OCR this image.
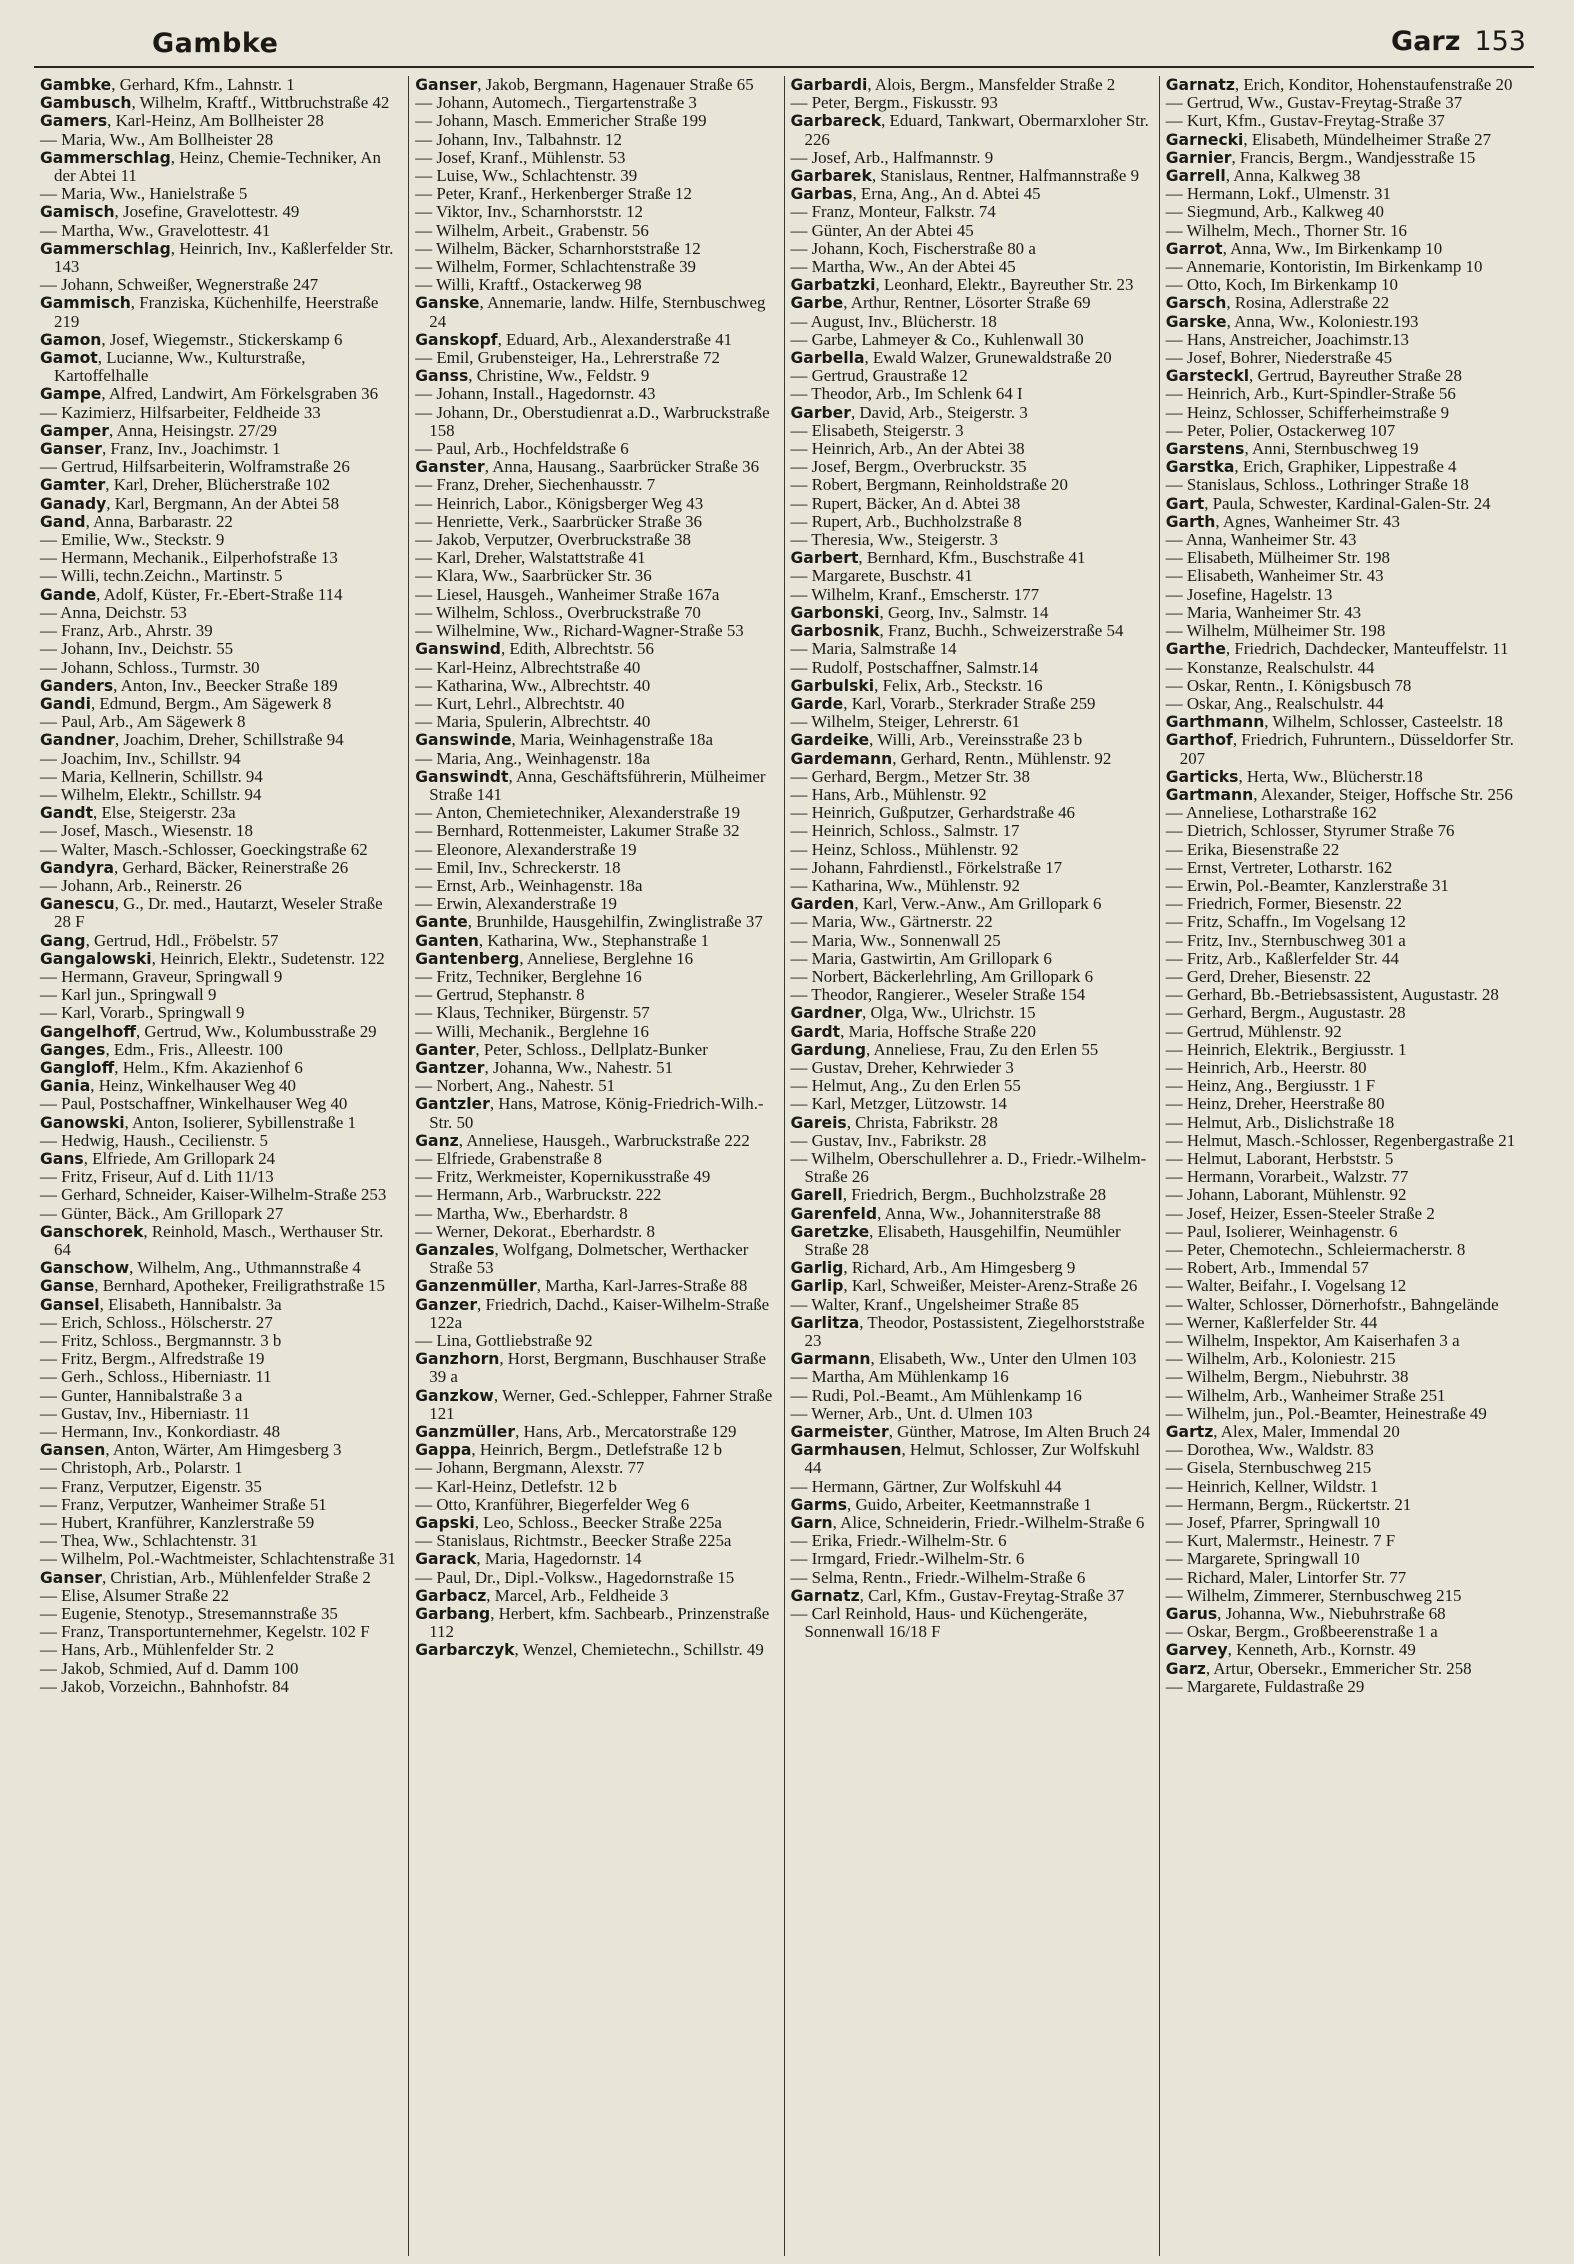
Gambke	Garz 153

Gambke, Gerhard, Kfm., Lahnstr. 1

Gambusch, Wilhelm, Kraftf., Wittbruchstraße 42

Gamers, Karl-Heinz, Am Bollheister 28

— Maria, Ww., Am Bollheister 28

Gammerschlag, Heinz, Chemie-Techniker, An der Abtei 11

— Maria, Ww., Hanielstraße 5

Gamisch, Josefine, Gravelottestr. 49

— Martha, Ww., Gravelottestr. 41

Gammerschlag, Heinrich, Inv., Kaßlerfelder Str. 143

— Johann, Schweißer, Wegnerstraße 247

Gammisch, Franziska, Küchenhilfe, Heerstraße 219

Gamon, Josef, Wiegemstr., Stickerskamp 6

Gamot, Lucianne, Ww., Kulturstraße, Kartoffelhalle

Gampe, Alfred, Landwirt, Am Förkelsgraben 36

— Kazimierz, Hilfsarbeiter, Feldheide 33

Gamper, Anna, Heisingstr. 27/29

Ganser, Franz, Inv., Joachimstr. 1

— Gertrud, Hilfsarbeiterin, Wolframstraße 26

Gamter, Karl, Dreher, Blücherstraße 102

Ganady, Karl, Bergmann, An der Abtei 58

Gand, Anna, Barbarastr. 22

— Emilie, Ww., Steckstr. 9

— Hermann, Mechanik., Eilperhofstraße 13

— Willi, techn.Zeichn., Martinstr. 5

Gande, Adolf, Küster, Fr.-Ebert-Straße 114

— Anna, Deichstr. 53

— Franz, Arb., Ahrstr. 39

— Johann, Inv., Deichstr. 55

— Johann, Schloss., Turmstr. 30

Ganders, Anton, Inv., Beecker Straße 189

Gandi, Edmund, Bergm., Am Sägewerk 8

— Paul, Arb., Am Sägewerk 8

Gandner, Joachim, Dreher, Schillstraße 94

— Joachim, Inv., Schillstr. 94

— Maria, Kellnerin, Schillstr. 94

— Wilhelm, Elektr., Schillstr. 94

Gandt, Else, Steigerstr. 23a

— Josef, Masch., Wiesenstr. 18

— Walter, Masch.-Schlosser, Goeckingstraße 62

Gandyra, Gerhard, Bäcker, Reinerstraße 26

— Johann, Arb., Reinerstr. 26

Ganescu, G., Dr. med., Hautarzt, Weseler Straße 28 F

Gang, Gertrud, Hdl., Fröbelstr. 57

Gangalowski, Heinrich, Elektr., Sudetenstr. 122

— Hermann, Graveur, Springwall 9

— Karl jun., Springwall 9

— Karl, Vorarb., Springwall 9

Gangelhoff, Gertrud, Ww., Kolumbusstraße 29

Ganges, Edm., Fris., Alleestr. 100

Gangloff, Helm., Kfm. Akazienhof 6

Gania, Heinz, Winkelhauser Weg 40

— Paul, Postschaffner, Winkelhauser Weg 40

Ganowski, Anton, Isolierer, Sybillenstraße 1

— Hedwig, Haush., Cecilienstr. 5

Gans, Elfriede, Am Grillopark 24

— Fritz, Friseur, Auf d. Lith 11/13

— Gerhard, Schneider, Kaiser-Wilhelm-Straße 253

— Günter, Bäck., Am Grillopark 27

Ganschorek, Reinhold, Masch., Werthauser Str. 64

Ganschow, Wilhelm, Ang., Uthmannstraße 4

Ganse, Bernhard, Apotheker, Freiligrathstraße 15

Gansel, Elisabeth, Hannibalstr. 3a

— Erich, Schloss., Hölscherstr. 27

— Fritz, Schloss., Bergmannstr. 3 b

— Fritz, Bergm., Alfredstraße 19

— Gerh., Schloss., Hiberniastr. 11

— Gunter, Hannibalstraße 3 a

— Gustav, Inv., Hiberniastr. 11

— Hermann, Inv., Konkordiastr. 48

Gansen, Anton, Wärter, Am Himgesberg 3

— Christoph, Arb., Polarstr. 1

— Franz, Verputzer, Eigenstr. 35

— Franz, Verputzer, Wanheimer Straße 51

— Hubert, Kranführer, Kanzlerstraße 59

— Thea, Ww., Schlachtenstr. 31

— Wilhelm, Pol.-Wachtmeister, Schlachtenstraße 31

Ganser, Christian, Arb., Mühlenfelder Straße 2

— Elise, Alsumer Straße 22

— Eugenie, Stenotyp., Stresemannstraße 35

— Franz, Transportunternehmer, Kegelstr. 102 F

— Hans, Arb., Mühlenfelder Str. 2

— Jakob, Schmied, Auf d. Damm 100

— Jakob, Vorzeichn., Bahnhofstr. 84

Ganser, Jakob, Bergmann, Hagenauer Straße 65

— Johann, Automech., Tiergartenstraße 3

— Johann, Masch. Emmericher Straße 199

— Johann, Inv., Talbahnstr. 12

— Josef, Kranf., Mühlenstr. 53

— Luise, Ww., Schlachtenstr. 39

— Peter, Kranf., Herkenberger Straße 12

— Viktor, Inv., Scharnhorststr. 12

— Wilhelm, Arbeit., Grabenstr. 56

— Wilhelm, Bäcker, Scharnhorststraße 12

— Wilhelm, Former, Schlachtenstraße 39

— Willi, Kraftf., Ostackerweg 98

Ganske, Annemarie, landw. Hilfe, Sternbuschweg 24

Ganskopf, Eduard, Arb., Alexanderstraße 41

— Emil, Grubensteiger, Ha., Lehrerstraße 72

Ganss, Christine, Ww., Feldstr. 9

— Johann, Install., Hagedornstr. 43

— Johann, Dr., Oberstudienrat a.D., Warbruckstraße 158

— Paul, Arb., Hochfeldstraße 6

Ganster, Anna, Hausang., Saarbrücker Straße 36

— Franz, Dreher, Siechenhausstr. 7

— Heinrich, Labor., Königsberger Weg 43

— Henriette, Verk., Saarbrücker Straße 36

— Jakob, Verputzer, Overbruckstraße 38

— Karl, Dreher, Walstattstraße 41

— Klara, Ww., Saarbrücker Str. 36

— Liesel, Hausgeh., Wanheimer Straße 167a

— Wilhelm, Schloss., Overbruckstraße 70

— Wilhelmine, Ww., Richard-Wagner-Straße 53

Ganswind, Edith, Albrechtstr. 56

— Karl-Heinz, Albrechtstraße 40

— Katharina, Ww., Albrechtstr. 40

— Kurt, Lehrl., Albrechtstr. 40

— Maria, Spulerin, Albrechtstr. 40

Ganswinde, Maria, Weinhagenstraße 18a

— Maria, Ang., Weinhagenstr. 18a

Ganswindt, Anna, Geschäftsführerin, Mülheimer Straße 141

— Anton, Chemietechniker, Alexanderstraße 19

— Bernhard, Rottenmeister, Lakumer Straße 32

— Eleonore, Alexanderstraße 19

— Emil, Inv., Schreckerstr. 18

— Ernst, Arb., Weinhagenstr. 18a

— Erwin, Alexanderstraße 19

Gante, Brunhilde, Hausgehilfin, Zwinglistraße 37

Ganten, Katharina, Ww., Stephanstraße 1

Gantenberg, Anneliese, Berglehne 16

— Fritz, Techniker, Berglehne 16

— Gertrud, Stephanstr. 8

— Klaus, Techniker, Bürgenstr. 57

— Willi, Mechanik., Berglehne 16

Ganter, Peter, Schloss., Dellplatz-Bunker

Gantzer, Johanna, Ww., Nahestr. 51

— Norbert, Ang., Nahestr. 51

Gantzler, Hans, Matrose, König-Friedrich-Wilh.-Str. 50

Ganz, Anneliese, Hausgeh., Warbruckstraße 222

— Elfriede, Grabenstraße 8

— Fritz, Werkmeister, Kopernikusstraße 49

— Hermann, Arb., Warbruckstr. 222

— Martha, Ww., Eberhardstr. 8

— Werner, Dekorat., Eberhardstr. 8

Ganzales, Wolfgang, Dolmetscher, Werthacker Straße 53

Ganzenmüller, Martha, Karl-Jarres-Straße 88

Ganzer, Friedrich, Dachd., Kaiser-Wilhelm-Straße 122a

— Lina, Gottliebstraße 92

Ganzhorn, Horst, Bergmann, Buschhauser Straße 39 a

Ganzkow, Werner, Ged.-Schlepper, Fahrner Straße 121

Ganzmüller, Hans, Arb., Mercatorstraße 129

Gappa, Heinrich, Bergm., Detlefstraße 12 b

— Johann, Bergmann, Alexstr. 77

— Karl-Heinz, Detlefstr. 12 b

— Otto, Kranführer, Biegerfelder Weg 6

Gapski, Leo, Schloss., Beecker Straße 225a

— Stanislaus, Richtmstr., Beecker Straße 225a

Garack, Maria, Hagedornstr. 14

— Paul, Dr., Dipl.-Volksw., Hagedornstraße 15

Garbacz, Marcel, Arb., Feldheide 3

Garbang, Herbert, kfm. Sachbearb., Prinzenstraße 112

Garbarczyk, Wenzel, Chemietechn., Schillstr. 49

Garbardi, Alois, Bergm., Mansfelder Straße 2

— Peter, Bergm., Fiskusstr. 93

Garbareck, Eduard, Tankwart, Obermarxloher Str. 226

— Josef, Arb., Halfmannstr. 9

Garbarek, Stanislaus, Rentner, Halfmannstraße 9

Garbas, Erna, Ang., An d. Abtei 45

— Franz, Monteur, Falkstr. 74

— Günter, An der Abtei 45

— Johann, Koch, Fischerstraße 80 a

— Martha, Ww., An der Abtei 45

Garbatzki, Leonhard, Elektr., Bayreuther Str. 23

Garbe, Arthur, Rentner, Lösorter Straße 69

— August, Inv., Blücherstr. 18

— Garbe, Lahmeyer & Co., Kuhlenwall 30

Garbella, Ewald Walzer, Grunewaldstraße 20

— Gertrud, Graustraße 12

— Theodor, Arb., Im Schlenk 64 I

Garber, David, Arb., Steigerstr. 3

— Elisabeth, Steigerstr. 3

— Heinrich, Arb., An der Abtei 38

— Josef, Bergm., Overbruckstr. 35

— Robert, Bergmann, Reinholdstraße 20

— Rupert, Bäcker, An d. Abtei 38

— Rupert, Arb., Buchholzstraße 8

— Theresia, Ww., Steigerstr. 3

Garbert, Bernhard, Kfm., Buschstraße 41

— Margarete, Buschstr. 41

— Wilhelm, Kranf., Emscherstr. 177

Garbonski, Georg, Inv., Salmstr. 14

Garbosnik, Franz, Buchh., Schweizerstraße 54

— Maria, Salmstraße 14

— Rudolf, Postschaffner, Salmstr.14

Garbulski, Felix, Arb., Steckstr. 16

Garde, Karl, Vorarb., Sterkrader Straße 259

— Wilhelm, Steiger, Lehrerstr. 61

Gardeike, Willi, Arb., Vereinsstraße 23 b

Gardemann, Gerhard, Rentn., Mühlenstr. 92

— Gerhard, Bergm., Metzer Str. 38

— Hans, Arb., Mühlenstr. 92

— Heinrich, Gußputzer, Gerhardstraße 46

— Heinrich, Schloss., Salmstr. 17

— Heinz, Schloss., Mühlenstr. 92

— Johann, Fahrdienstl., Förkelstraße 17

— Katharina, Ww., Mühlenstr. 92

Garden, Karl, Verw.-Anw., Am Grillopark 6

— Maria, Ww., Gärtnerstr. 22

— Maria, Ww., Sonnenwall 25

— Maria, Gastwirtin, Am Grillopark 6

— Norbert, Bäckerlehrling, Am Grillopark 6

— Theodor, Rangierer., Weseler Straße 154

Gardner, Olga, Ww., Ulrichstr. 15

Gardt, Maria, Hoffsche Straße 220

Gardung, Anneliese, Frau, Zu den Erlen 55

— Gustav, Dreher, Kehrwieder 3

— Helmut, Ang., Zu den Erlen 55

— Karl, Metzger, Lützowstr. 14

Gareis, Christa, Fabrikstr. 28

— Gustav, Inv., Fabrikstr. 28

— Wilhelm, Oberschullehrer a. D., Friedr.-Wilhelm-Straße 26

Garell, Friedrich, Bergm., Buchholzstraße 28

Garenfeld, Anna, Ww., Johanniterstraße 88

Garetzke, Elisabeth, Hausgehilfin, Neumühler Straße 28

Garlig, Richard, Arb., Am Himgesberg 9

Garlip, Karl, Schweißer, Meister-Arenz-Straße 26

— Walter, Kranf., Ungelsheimer Straße 85

Garlitza, Theodor, Postassistent, Ziegelhorststraße 23

Garmann, Elisabeth, Ww., Unter den Ulmen 103

— Martha, Am Mühlenkamp 16

— Rudi, Pol.-Beamt., Am Mühlenkamp 16

— Werner, Arb., Unt. d. Ulmen 103

Garmeister, Günther, Matrose, Im Alten Bruch 24

Garmhausen, Helmut, Schlosser, Zur Wolfskuhl 44

— Hermann, Gärtner, Zur Wolfskuhl 44

Garms, Guido, Arbeiter, Keetmannstraße 1

Garn, Alice, Schneiderin, Friedr.-Wilhelm-Straße 6

— Erika, Friedr.-Wilhelm-Str. 6

— Irmgard, Friedr.-Wilhelm-Str. 6

— Selma, Rentn., Friedr.-Wilhelm-Straße 6

Garnatz, Carl, Kfm., Gustav-Freytag-Straße 37

— Carl Reinhold, Haus- und Küchengeräte, Sonnenwall 16/18 F

Garnatz, Erich, Konditor, Hohenstaufenstraße 20

— Gertrud, Ww., Gustav-Freytag-Straße 37

— Kurt, Kfm., Gustav-Freytag-Straße 37

Garnecki, Elisabeth, Mündelheimer Straße 27

Garnier, Francis, Bergm., Wandjesstraße 15

Garrell, Anna, Kalkweg 38

— Hermann, Lokf., Ulmenstr. 31

— Siegmund, Arb., Kalkweg 40

— Wilhelm, Mech., Thorner Str. 16

Garrot, Anna, Ww., Im Birkenkamp 10

— Annemarie, Kontoristin, Im Birkenkamp 10

— Otto, Koch, Im Birkenkamp 10

Garsch, Rosina, Adlerstraße 22

Garske, Anna, Ww., Koloniestr.193

— Hans, Anstreicher, Joachimstr.13

— Josef, Bohrer, Niederstraße 45

Garsteckl, Gertrud, Bayreuther Straße 28

— Heinrich, Arb., Kurt-Spindler-Straße 56

— Heinz, Schlosser, Schifferheimstraße 9

— Peter, Polier, Ostackerweg 107

Garstens, Anni, Sternbuschweg 19

Garstka, Erich, Graphiker, Lippestraße 4

— Stanislaus, Schloss., Lothringer Straße 18

Gart, Paula, Schwester, Kardinal-Galen-Str. 24

Garth, Agnes, Wanheimer Str. 43

— Anna, Wanheimer Str. 43

— Elisabeth, Mülheimer Str. 198

— Elisabeth, Wanheimer Str. 43

— Josefine, Hagelstr. 13

— Maria, Wanheimer Str. 43

— Wilhelm, Mülheimer Str. 198

Garthe, Friedrich, Dachdecker, Manteuffelstr. 11

— Konstanze, Realschulstr. 44

— Oskar, Rentn., I. Königsbusch 78

— Oskar, Ang., Realschulstr. 44

Garthmann, Wilhelm, Schlosser, Casteelstr. 18

Garthof, Friedrich, Fuhruntern., Düsseldorfer Str. 207

Garticks, Herta, Ww., Blücherstr.18

Gartmann, Alexander, Steiger, Hoffsche Str. 256

— Anneliese, Lotharstraße 162

— Dietrich, Schlosser, Styrumer Straße 76

— Erika, Biesenstraße 22

— Ernst, Vertreter, Lotharstr. 162

— Erwin, Pol.-Beamter, Kanzlerstraße 31

— Friedrich, Former, Biesenstr. 22

— Fritz, Schaffn., Im Vogelsang 12

— Fritz, Inv., Sternbuschweg 301 a

— Fritz, Arb., Kaßlerfelder Str. 44

— Gerd, Dreher, Biesenstr. 22

— Gerhard, Bb.-Betriebsassistent, Augustastr. 28

— Gerhard, Bergm., Augustastr. 28

— Gertrud, Mühlenstr. 92

— Heinrich, Elektrik., Bergiusstr. 1

— Heinrich, Arb., Heerstr. 80

— Heinz, Ang., Bergiusstr. 1 F

— Heinz, Dreher, Heerstraße 80

— Helmut, Arb., Dislichstraße 18

— Helmut, Masch.-Schlosser, Regenbergastraße 21

— Helmut, Laborant, Herbststr. 5

— Hermann, Vorarbeit., Walzstr. 77

— Johann, Laborant, Mühlenstr. 92

— Josef, Heizer, Essen-Steeler Straße 2

— Paul, Isolierer, Weinhagenstr. 6

— Peter, Chemotechn., Schleiermacherstr. 8

— Robert, Arb., Immendal 57

— Walter, Beifahr., I. Vogelsang 12

— Walter, Schlosser, Dörnerhofstr., Bahngelände

— Werner, Kaßlerfelder Str. 44

— Wilhelm, Inspektor, Am Kaiserhafen 3 a

— Wilhelm, Arb., Koloniestr. 215

— Wilhelm, Bergm., Niebuhrstr. 38

— Wilhelm, Arb., Wanheimer Straße 251

— Wilhelm, jun., Pol.-Beamter, Heinestraße 49

Gartz, Alex, Maler, Immendal 20

— Dorothea, Ww., Waldstr. 83

— Gisela, Sternbuschweg 215

— Heinrich, Kellner, Wildstr. 1

— Hermann, Bergm., Rückertstr. 21

— Josef, Pfarrer, Springwall 10

— Kurt, Malermstr., Heinestr. 7 F

— Margarete, Springwall 10

— Richard, Maler, Lintorfer Str. 77

— Wilhelm, Zimmerer, Sternbuschweg 215

Garus, Johanna, Ww., Niebuhrstraße 68

— Oskar, Bergm., Großbeerenstraße 1 a

Garvey, Kenneth, Arb., Kornstr. 49

Garz, Artur, Obersekr., Emmericher Str. 258

— Margarete, Fuldastraße 29
